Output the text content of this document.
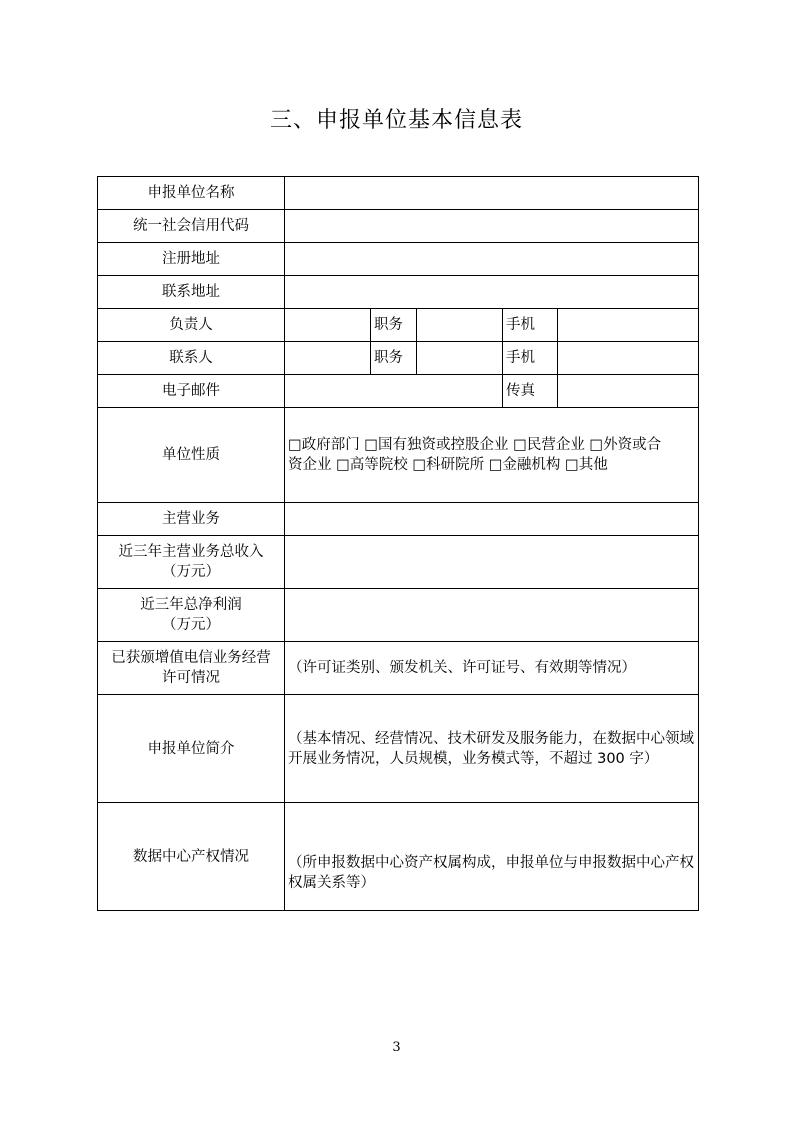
三、申报单位基本信息表
申报单位名称					
统一社会信用代码					
注册地址					
联系地址					
负责人		职务		手机	
联系人		职务		手机	
电子邮件				传真	
单位性质	□政府部门 □国有独资或控股企业 □民营企业 □外资或合
资企业 □高等院校 □科研院所 □金融机构 □其他				

主营业务					

近三年主营业务总收入
（万元）					

近三年总净利润
（万元）					

已获颁增值电信业务经营
许可情况	（许可证类别、颁发机关、许可证号、有效期等情况）				
申报单位简介	（基本情况、经营情况、技术研发及服务能力，在数据中心领域开展业务情况，人员规模，业务模式等，不超过 300 字）				
数据中心产权情况	（所申报数据中心资产权属构成，申报单位与申报数据中心产权权属关系等）				
3
